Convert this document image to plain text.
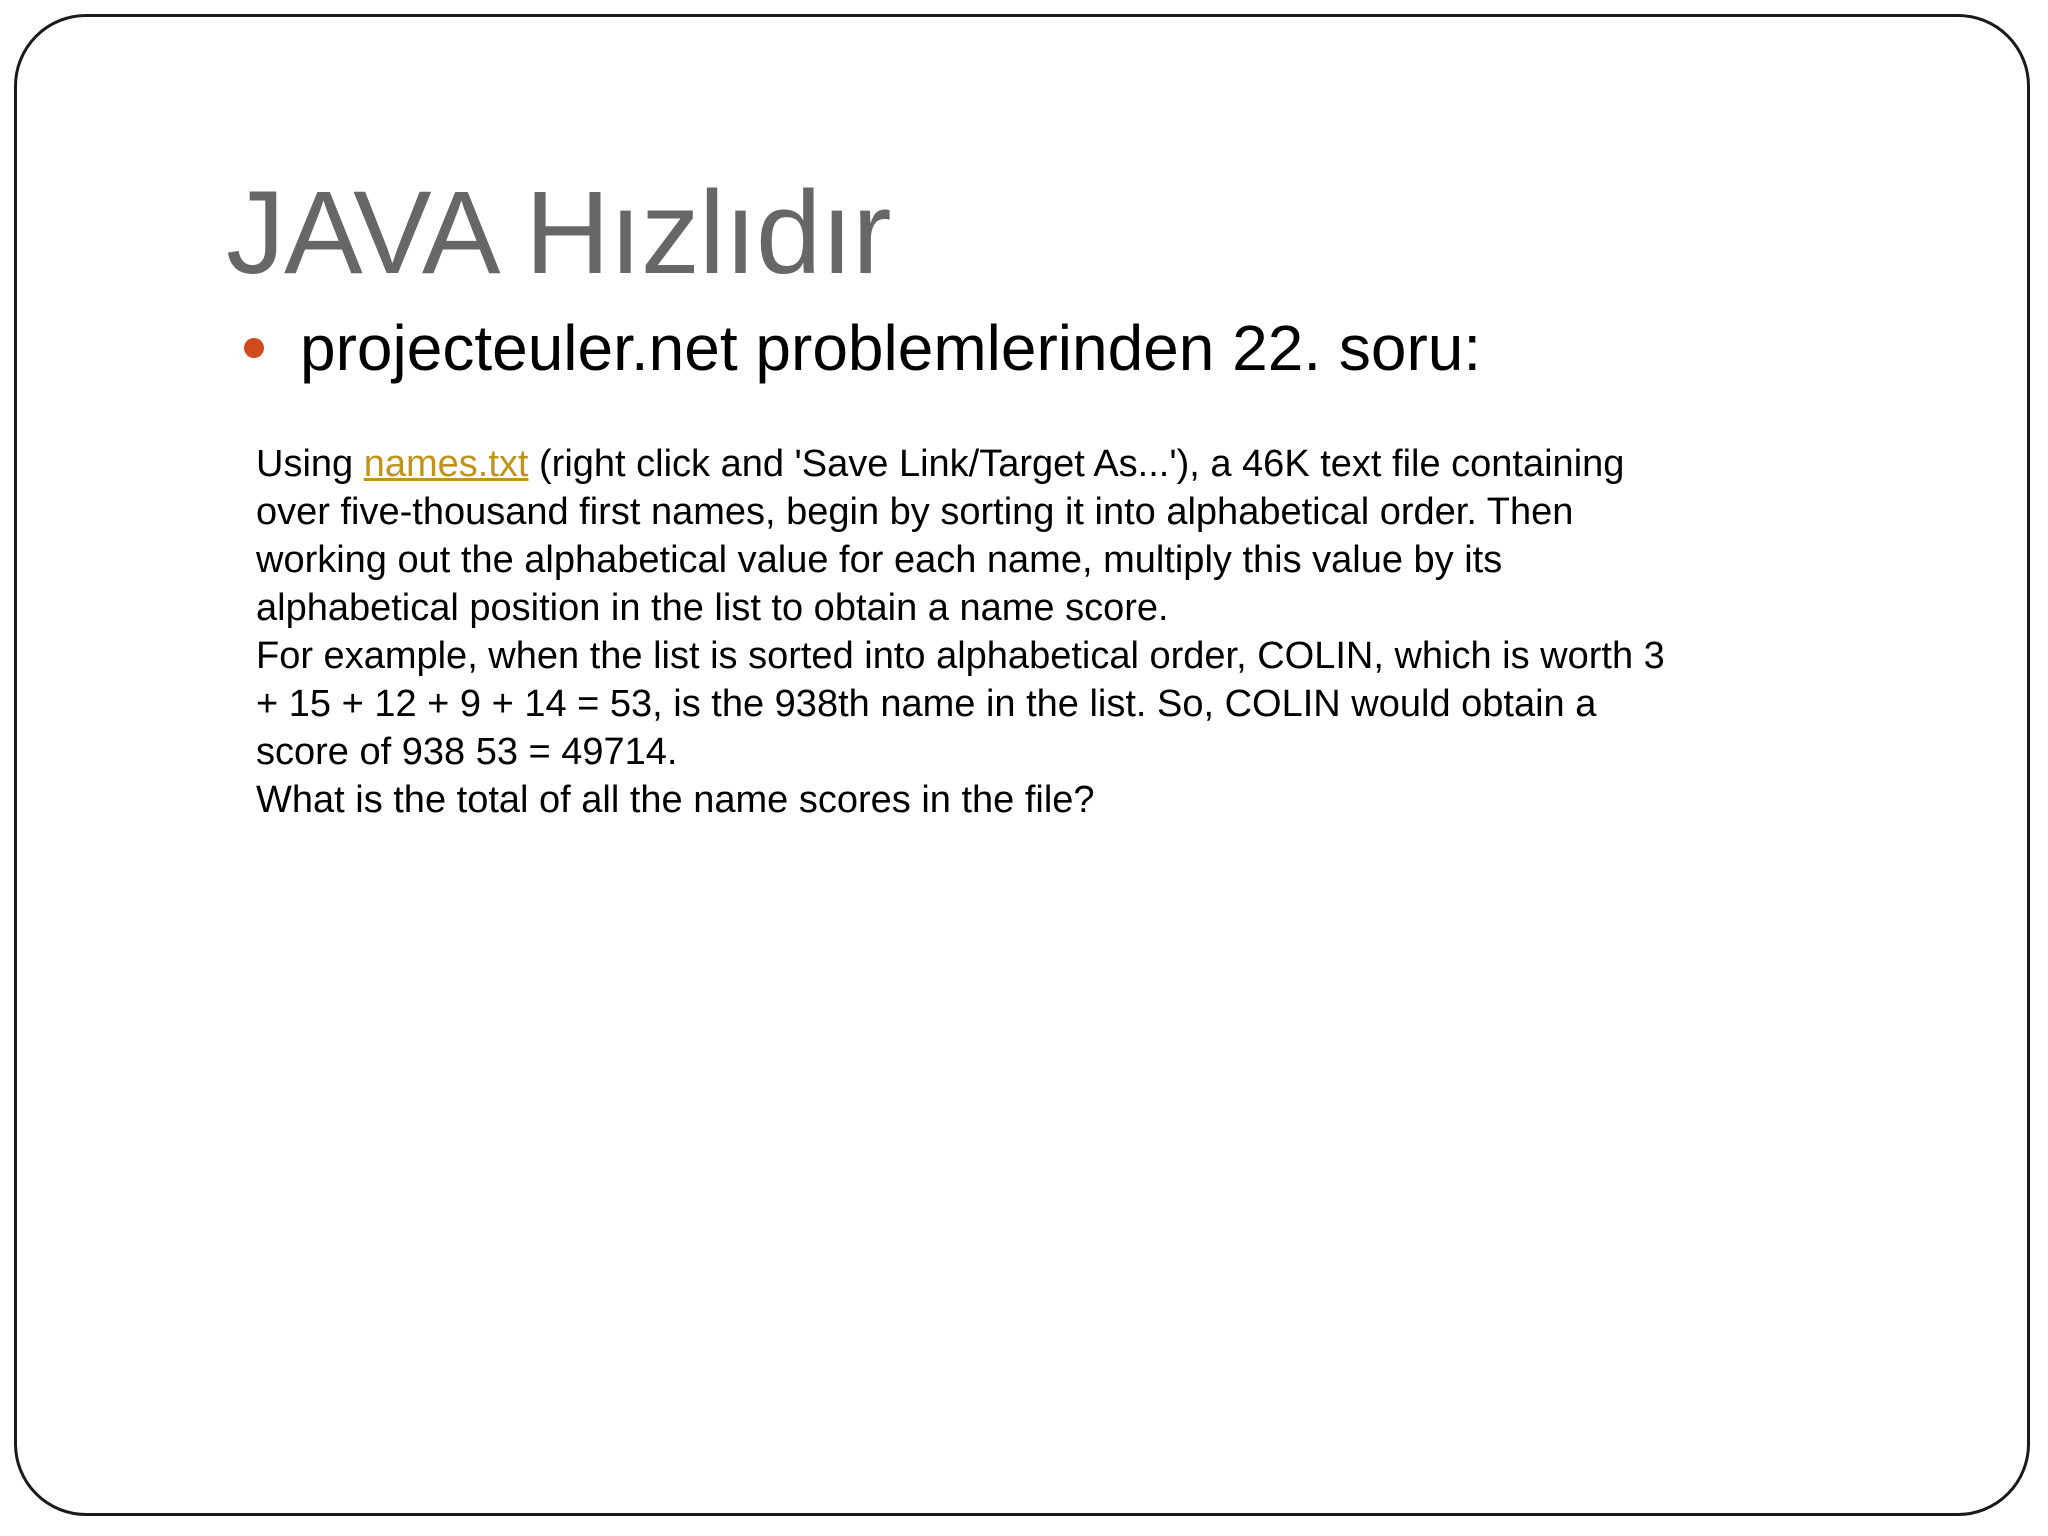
JAVA Hızlıdır
projecteuler.net problemlerinden 22. soru:

Using names.txt (right click and 'Save Link/Target As...'), a 46K text file containing

over five-thousand first names, begin by sorting it into alphabetical order. Then

working out the alphabetical value for each name, multiply this value by its

alphabetical position in the list to obtain a name score.

For example, when the list is sorted into alphabetical order, COLIN, which is worth 3

+ 15 + 12 + 9 + 14 = 53, is the 938th name in the list. So, COLIN would obtain a

score of 938 53 = 49714.

What is the total of all the name scores in the file?
